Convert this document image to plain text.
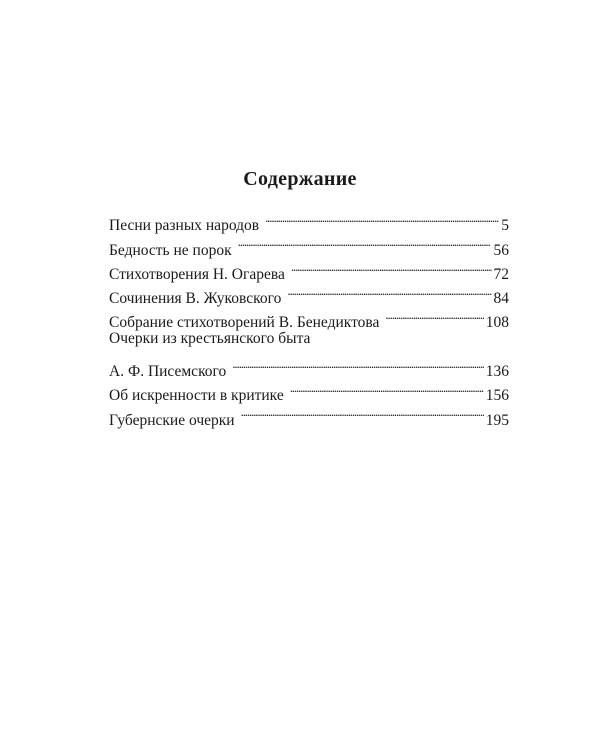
Содержание
Песни разных народов . . .	5
Бедность не порок . . .	56
Стихотворения Н. Огарева . . .	72
Сочинения В. Жуковского . . .	84
Собрание стихотворений В. Бенедиктова . . .	108
Очерки из крестьянского быта
А. Ф. Писемского . . .	136
Об искренности в критике . . .	156
Губернские очерки . . .	195
